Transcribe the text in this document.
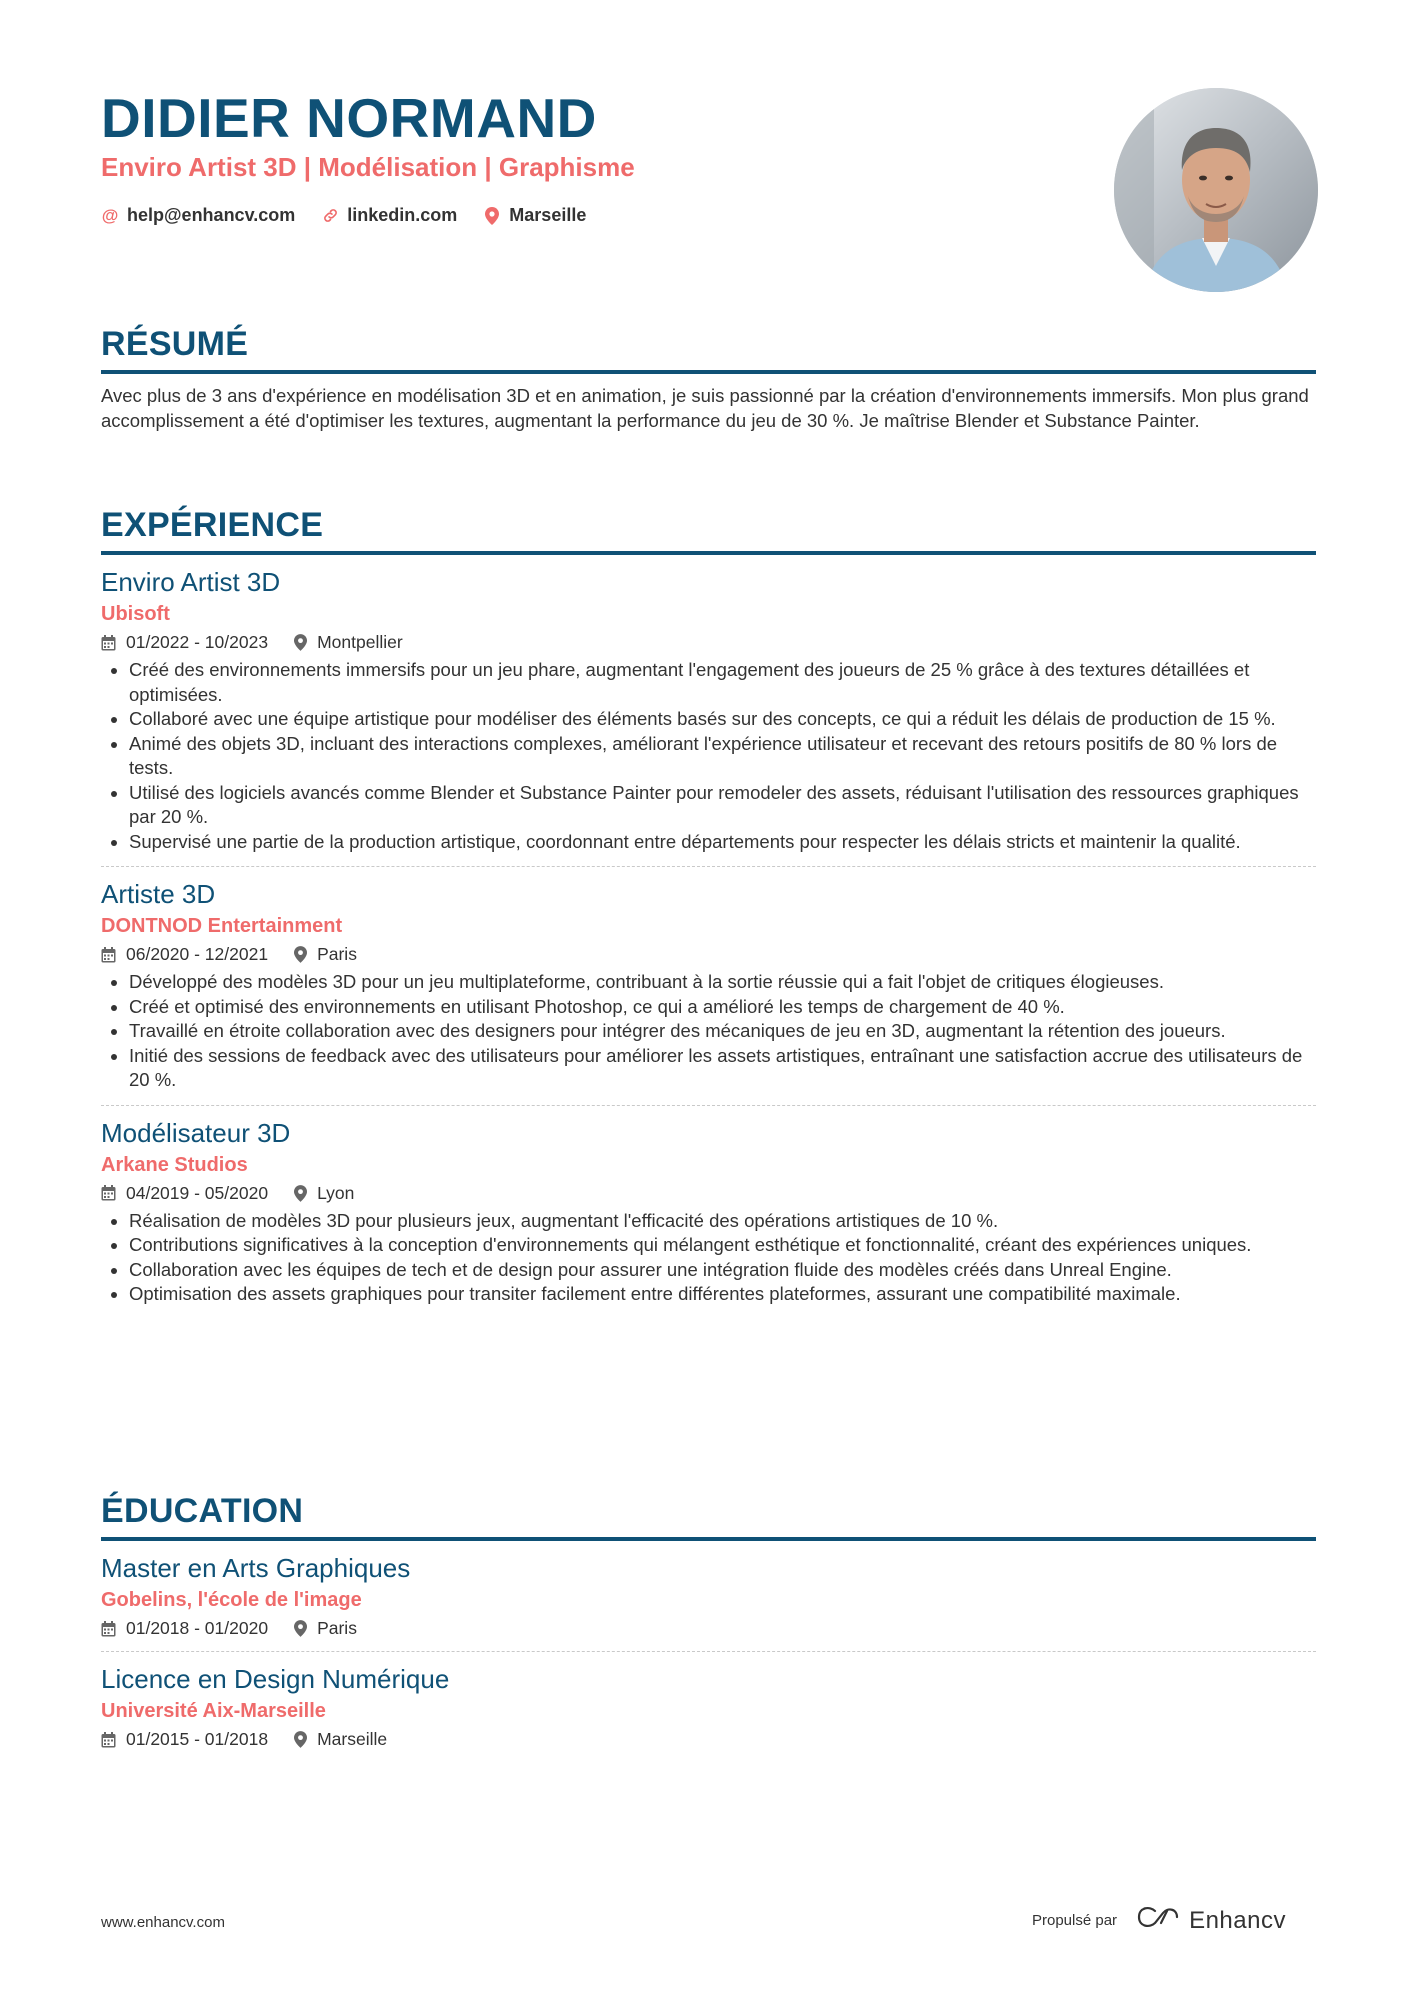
DIDIER NORMAND
Enviro Artist 3D | Modélisation | Graphisme
@ help@enhancv.com	linkedin.com	Marseille
RÉSUMÉ

Avec plus de 3 ans d'expérience en modélisation 3D et en animation, je suis passionné par la création d'environnements immersifs. Mon plus grand accomplissement a été d'optimiser les textures, augmentant la performance du jeu de 30 %. Je maîtrise Blender et Substance Painter.

EXPÉRIENCE
Enviro Artist 3D
Ubisoft
01/2022 - 10/2023	Montpellier
• Créé des environnements immersifs pour un jeu phare, augmentant l'engagement des joueurs de 25 % grâce à des textures détaillées et optimisées.
• Collaboré avec une équipe artistique pour modéliser des éléments basés sur des concepts, ce qui a réduit les délais de production de 15 %.
• Animé des objets 3D, incluant des interactions complexes, améliorant l'expérience utilisateur et recevant des retours positifs de 80 % lors de tests.
• Utilisé des logiciels avancés comme Blender et Substance Painter pour remodeler des assets, réduisant l'utilisation des ressources graphiques par 20 %.
• Supervisé une partie de la production artistique, coordonnant entre départements pour respecter les délais stricts et maintenir la qualité.
Artiste 3D
DONTNOD Entertainment
06/2020 - 12/2021	Paris
• Développé des modèles 3D pour un jeu multiplateforme, contribuant à la sortie réussie qui a fait l'objet de critiques élogieuses.
• Créé et optimisé des environnements en utilisant Photoshop, ce qui a amélioré les temps de chargement de 40 %.
• Travaillé en étroite collaboration avec des designers pour intégrer des mécaniques de jeu en 3D, augmentant la rétention des joueurs.
• Initié des sessions de feedback avec des utilisateurs pour améliorer les assets artistiques, entraînant une satisfaction accrue des utilisateurs de 20 %.
Modélisateur 3D
Arkane Studios
04/2019 - 05/2020	Lyon
• Réalisation de modèles 3D pour plusieurs jeux, augmentant l'efficacité des opérations artistiques de 10 %.
• Contributions significatives à la conception d'environnements qui mélangent esthétique et fonctionnalité, créant des expériences uniques.
• Collaboration avec les équipes de tech et de design pour assurer une intégration fluide des modèles créés dans Unreal Engine.
• Optimisation des assets graphiques pour transiter facilement entre différentes plateformes, assurant une compatibilité maximale.
ÉDUCATION
Master en Arts Graphiques
Gobelins, l'école de l'image
01/2018 - 01/2020	Paris
Licence en Design Numérique
Université Aix-Marseille
01/2015 - 01/2018	Marseille
www.enhancv.com	Propulsé par	Enhancv
